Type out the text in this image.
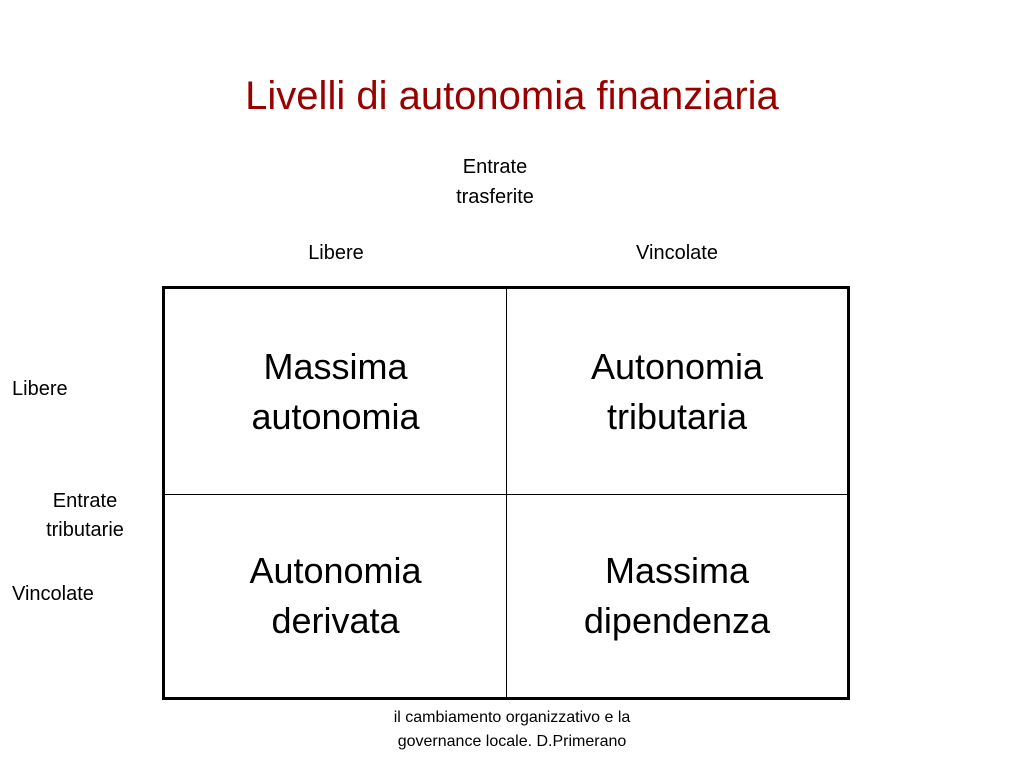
Livelli di autonomia finanziaria
Entrate
trasferite
Libere	Vincolate
Libere
Entrate
tributarie
Vincolate
Massima
autonomia
Autonomia
tributaria
Autonomia
derivata
Massima
dipendenza
il cambiamento organizzativo e la
governance locale. D.Primerano
